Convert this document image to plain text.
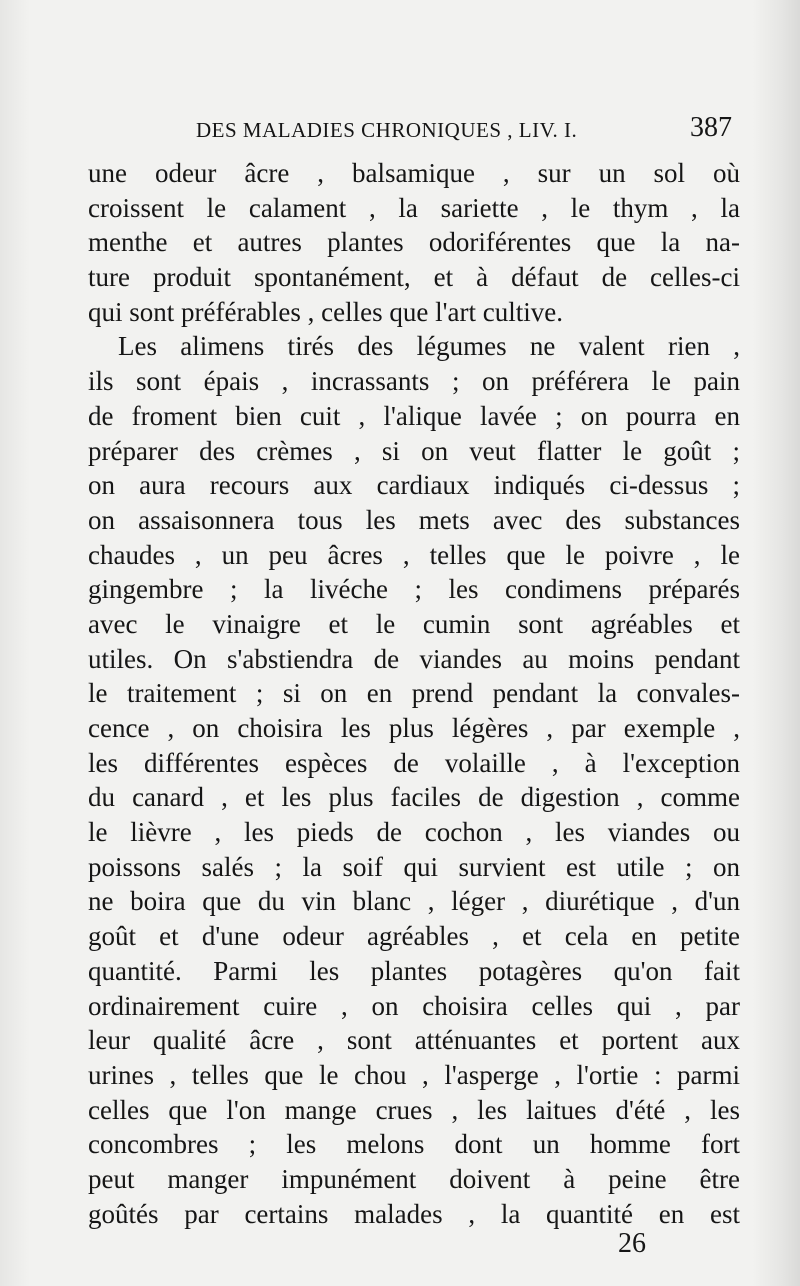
DES MALADIES CHRONIQUES , LIV. I.	387
une odeur âcre , balsamique , sur un sol où
croissent le calament , la sariette , le thym , la
menthe et autres plantes odoriférentes que la na-
ture produit spontanément, et à défaut de celles-ci
qui sont préférables , celles que l'art cultive.
Les alimens tirés des légumes ne valent rien ,
ils sont épais , incrassants ; on préférera le pain
de froment bien cuit , l'alique lavée ; on pourra en
préparer des crèmes , si on veut flatter le goût ;
on aura recours aux cardiaux indiqués ci-dessus ;
on assaisonnera tous les mets avec des substances
chaudes , un peu âcres , telles que le poivre , le
gingembre ; la livéche ; les condimens préparés
avec le vinaigre et le cumin sont agréables et
utiles. On s'abstiendra de viandes au moins pendant
le traitement ; si on en prend pendant la convales-
cence , on choisira les plus légères , par exemple ,
les différentes espèces de volaille , à l'exception
du canard , et les plus faciles de digestion , comme
le lièvre , les pieds de cochon , les viandes ou
poissons salés ; la soif qui survient est utile ; on
ne boira que du vin blanc , léger , diurétique , d'un
goût et d'une odeur agréables , et cela en petite
quantité. Parmi les plantes potagères qu'on fait
ordinairement cuire , on choisira celles qui , par
leur qualité âcre , sont atténuantes et portent aux
urines , telles que le chou , l'asperge , l'ortie : parmi
celles que l'on mange crues , les laitues d'été , les
concombres ; les melons dont un homme fort
peut manger impunément doivent à peine être
goûtés par certains malades , la quantité en est
26
